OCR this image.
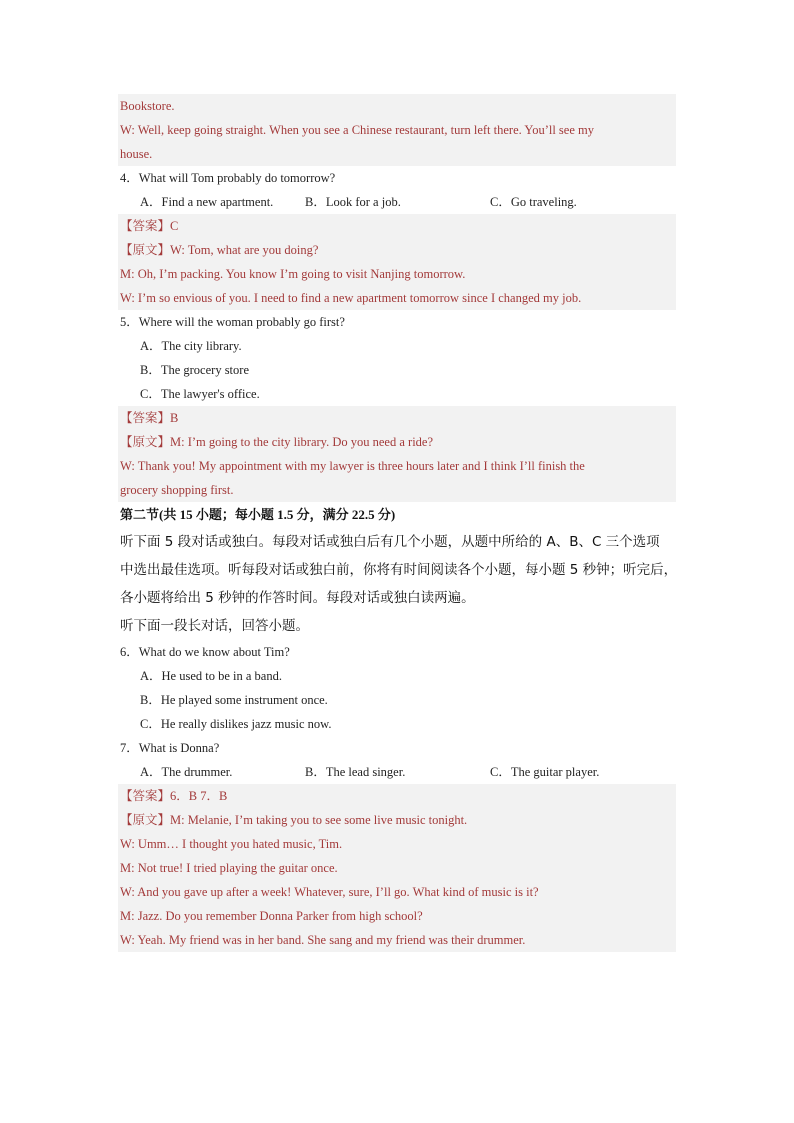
Bookstore.
W: Well, keep going straight. When you see a Chinese restaurant, turn left there. You’ll see my
house.
4．What will Tom probably do tomorrow?
A．Find a new apartment.	B．Look for a job.	C．Go traveling.
【答案】C
【原文】W: Tom, what are you doing?
M: Oh, I’m packing. You know I’m going to visit Nanjing tomorrow.
W: I’m so envious of you. I need to find a new apartment tomorrow since I changed my job.
5．Where will the woman probably go first?
A．The city library.
B．The grocery store
C．The lawyer's office.
【答案】B
【原文】M: I’m going to the city library. Do you need a ride?
W: Thank you! My appointment with my lawyer is three hours later and I think I’ll finish the
grocery shopping first.
第二节(共 15 小题；每小题 1.5 分，满分 22.5 分)
听下面 5 段对话或独白。每段对话或独白后有几个小题，从题中所给的 A、B、C 三个选项
中选出最佳选项。听每段对话或独白前，你将有时间阅读各个小题，每小题 5 秒钟；听完后，
各小题将给出 5 秒钟的作答时间。每段对话或独白读两遍。
听下面一段长对话，回答小题。
6．What do we know about Tim?
A．He used to be in a band.
B．He played some instrument once.
C．He really dislikes jazz music now.
7．What is Donna?
A．The drummer.	B．The lead singer.	C．The guitar player.
【答案】6．B 7．B
【原文】M: Melanie, I’m taking you to see some live music tonight.
W: Umm… I thought you hated music, Tim.
M: Not true! I tried playing the guitar once.
W: And you gave up after a week! Whatever, sure, I’ll go. What kind of music is it?
M: Jazz. Do you remember Donna Parker from high school?
W: Yeah. My friend was in her band. She sang and my friend was their drummer.
